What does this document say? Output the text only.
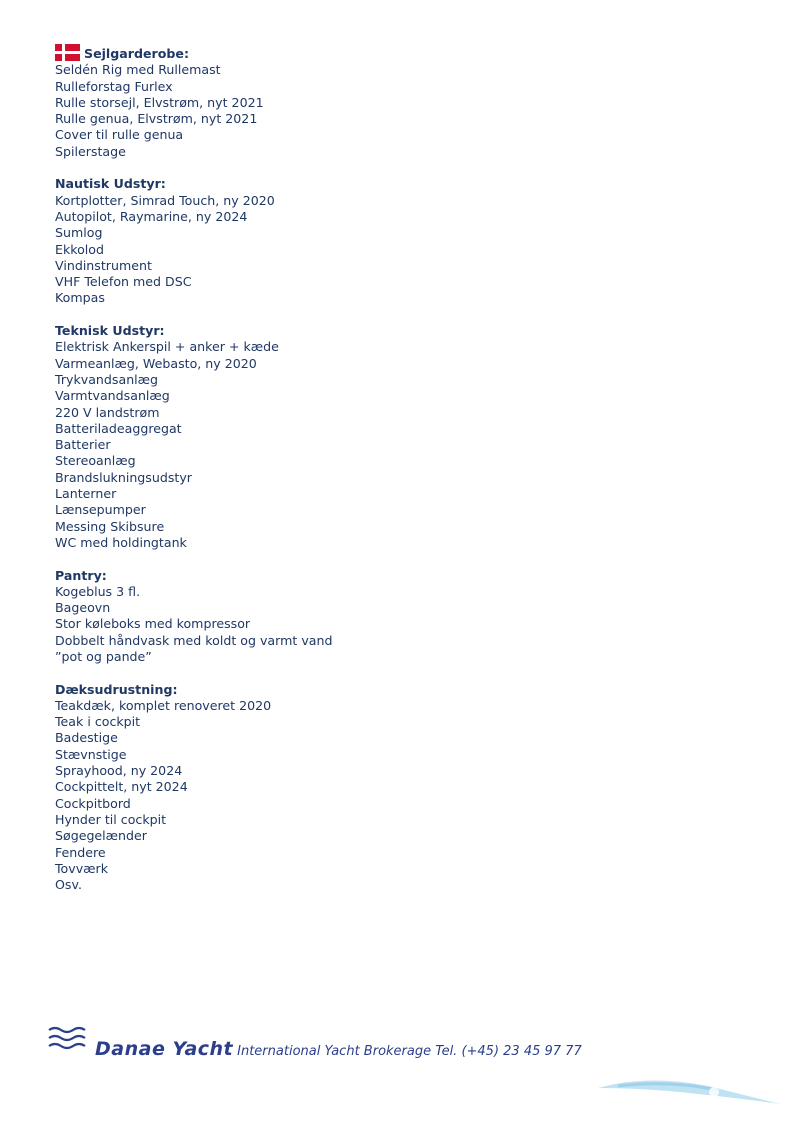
Sejlgarderobe:
Seldén Rig med Rullemast
Rulleforstag Furlex
Rulle storsejl, Elvstrøm, nyt 2021
Rulle genua, Elvstrøm, nyt 2021
Cover til rulle genua
Spilerstage
Nautisk Udstyr:
Kortplotter, Simrad Touch, ny 2020
Autopilot, Raymarine, ny 2024
Sumlog
Ekkolod
Vindinstrument
VHF Telefon med DSC
Kompas
Teknisk Udstyr:
Elektrisk Ankerspil + anker + kæde
Varmeanlæg, Webasto, ny 2020
Trykvandsanlæg
Varmtvandsanlæg
220 V landstrøm
Batteriladeaggregat
Batterier
Stereoanlæg
Brandslukningsudstyr
Lanterner
Lænsepumper
Messing Skibsure
WC med holdingtank
Pantry:
Kogeblus 3 fl.
Bageovn
Stor køleboks med kompressor
Dobbelt håndvask med koldt og varmt vand
”pot og pande”
Dæksudrustning:
Teakdæk, komplet renoveret 2020
Teak i cockpit
Badestige
Stævnstige
Sprayhood, ny 2024
Cockpittelt, nyt 2024
Cockpitbord
Hynder til cockpit
Søgegelænder
Fendere
Tovværk
Osv.
Danae Yacht International Yacht Brokerage Tel. (+45) 23 45 97 77
